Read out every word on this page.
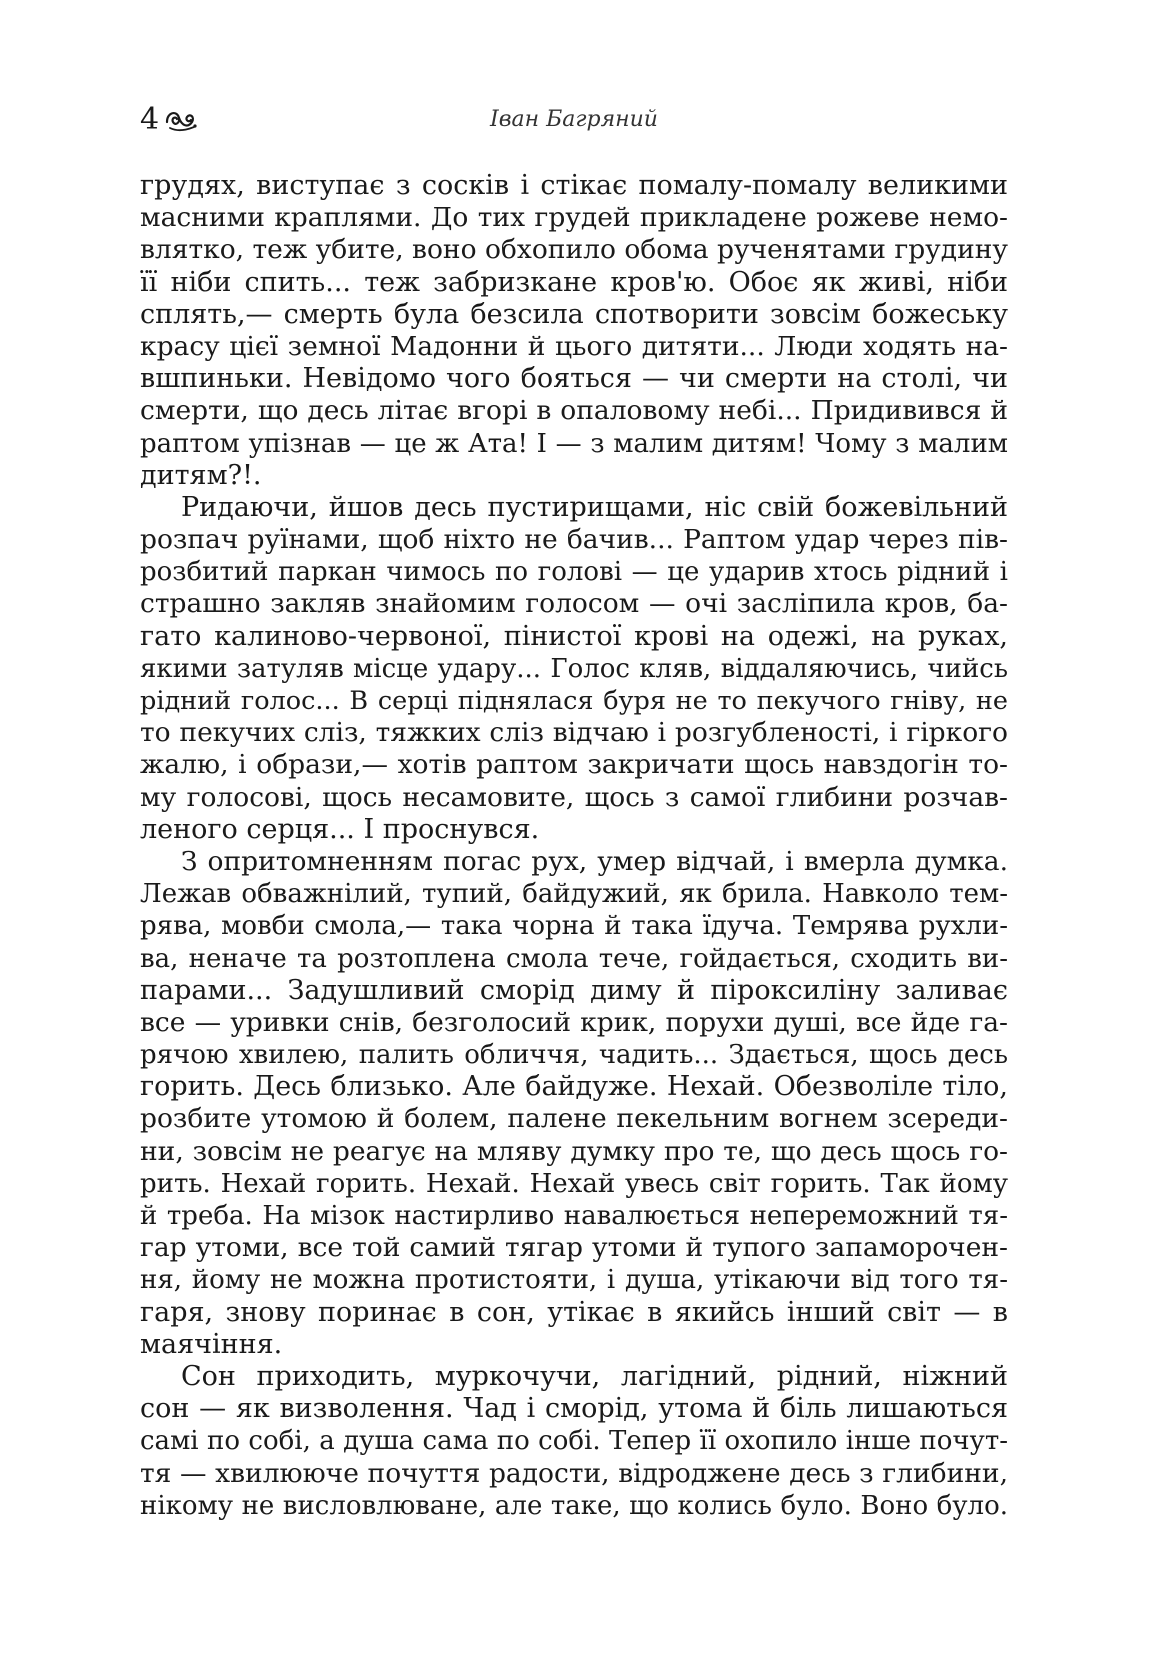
4	Іван Багряний
грудях, виступає з сосків і стікає помалу-помалу великими
масними краплями. До тих грудей прикладене рожеве немо-
влятко, теж убите, воно обхопило обома рученятами грудину
її ніби спить... теж забризкане кров'ю. Обоє як живі, ніби
сплять,— смерть була безсила спотворити зовсім божеську
красу цієї земної Мадонни й цього дитяти... Люди ходять на-
вшпиньки. Невідомо чого бояться — чи смерти на столі, чи
смерти, що десь літає вгорі в опаловому небі... Придивився й
раптом упізнав — це ж Ата! І — з малим дитям! Чому з малим
дитям?!.
Ридаючи, йшов десь пустирищами, ніс свій божевільний
розпач руїнами, щоб ніхто не бачив... Раптом удар через пів-
розбитий паркан чимось по голові — це ударив хтось рідний і
страшно закляв знайомим голосом — очі засліпила кров, ба-
гато калиново-червоної, пінистої крові на одежі, на руках,
якими затуляв місце удару... Голос кляв, віддаляючись, чийсь
рідний голос... В серці піднялася буря не то пекучого гніву, не
то пекучих сліз, тяжких сліз відчаю і розгубленості, і гіркого
жалю, і образи,— хотів раптом закричати щось навздогін то-
му голосові, щось несамовите, щось з самої глибини розчав-
леного серця... І проснувся.
З опритомненням погас рух, умер відчай, і вмерла думка.
Лежав обважнілий, тупий, байдужий, як брила. Навколо тем-
рява, мовби смола,— така чорна й така їдуча. Темрява рухли-
ва, неначе та розтоплена смола тече, гойдається, сходить ви-
парами... Задушливий сморід диму й піроксиліну заливає
все — уривки снів, безголосий крик, порухи душі, все йде га-
рячою хвилею, палить обличчя, чадить... Здається, щось десь
горить. Десь близько. Але байдуже. Нехай. Обезволіле тіло,
розбите утомою й болем, палене пекельним вогнем зсереди-
ни, зовсім не реагує на мляву думку про те, що десь щось го-
рить. Нехай горить. Нехай. Нехай увесь світ горить. Так йому
й треба. На мізок настирливо навалюється непереможний тя-
гар утоми, все той самий тягар утоми й тупого запаморочен-
ня, йому не можна протистояти, і душа, утікаючи від того тя-
гаря, знову поринає в сон, утікає в якийсь інший світ — в
маячіння.
Сон приходить, муркочучи, лагідний, рідний, ніжний
сон — як визволення. Чад і сморід, утома й біль лишаються
самі по собі, а душа сама по собі. Тепер її охопило інше почут-
тя — хвилююче почуття радости, відроджене десь з глибини,
нікому не висловлюване, але таке, що колись було. Воно було.
